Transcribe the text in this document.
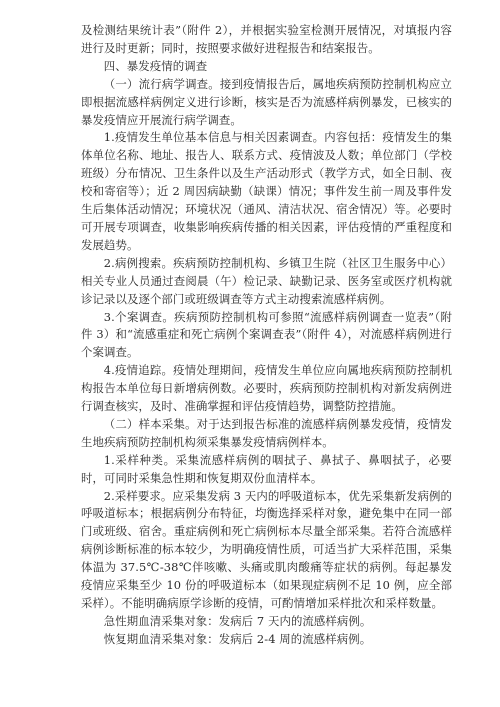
及检测结果统计表”（附件 2），并根据实验室检测开展情况，对填报内容进行及时更新；同时，按照要求做好进程报告和结案报告。

四、暴发疫情的调查

（一）流行病学调查。接到疫情报告后，属地疾病预防控制机构应立即根据流感样病例定义进行诊断，核实是否为流感样病例暴发，已核实的暴发疫情应开展流行病学调查。

1.疫情发生单位基本信息与相关因素调查。内容包括：疫情发生的集体单位名称、地址、报告人、联系方式、疫情波及人数；单位部门（学校班级）分布情况、卫生条件以及生产活动形式（教学方式，如全日制、夜校和寄宿等）；近 2 周因病缺勤（缺课）情况；事件发生前一周及事件发生后集体活动情况；环境状况（通风、清洁状况、宿舍情况）等。必要时可开展专项调查，收集影响疾病传播的相关因素，评估疫情的严重程度和发展趋势。

2.病例搜索。疾病预防控制机构、乡镇卫生院（社区卫生服务中心）相关专业人员通过查阅晨（午）检记录、缺勤记录、医务室或医疗机构就诊记录以及逐个部门或班级调查等方式主动搜索流感样病例。

3.个案调查。疾病预防控制机构可参照“流感样病例调查一览表”（附件 3）和“流感重症和死亡病例个案调查表”（附件 4），对流感样病例进行个案调查。

4.疫情追踪。疫情处理期间，疫情发生单位应向属地疾病预防控制机构报告本单位每日新增病例数。必要时，疾病预防控制机构对新发病例进行调查核实，及时、准确掌握和评估疫情趋势，调整防控措施。

（二）样本采集。对于达到报告标准的流感样病例暴发疫情，疫情发生地疾病预防控制机构须采集暴发疫情病例样本。

1.采样种类。采集流感样病例的咽拭子、鼻拭子、鼻咽拭子，必要时，可同时采集急性期和恢复期双份血清样本。

2.采样要求。应采集发病 3 天内的呼吸道标本，优先采集新发病例的呼吸道标本；根据病例分布特征，均衡选择采样对象，避免集中在同一部门或班级、宿舍。重症病例和死亡病例标本尽量全部采集。若符合流感样病例诊断标准的标本较少，为明确疫情性质，可适当扩大采样范围，采集体温为 37.5℃-38℃伴咳嗽、头痛或肌肉酸痛等症状的病例。每起暴发疫情应采集至少 10 份的呼吸道标本（如果现症病例不足 10 例，应全部采样）。不能明确病原学诊断的疫情，可酌情增加采样批次和采样数量。

急性期血清采集对象：发病后 7 天内的流感样病例。

恢复期血清采集对象：发病后 2-4 周的流感样病例。
